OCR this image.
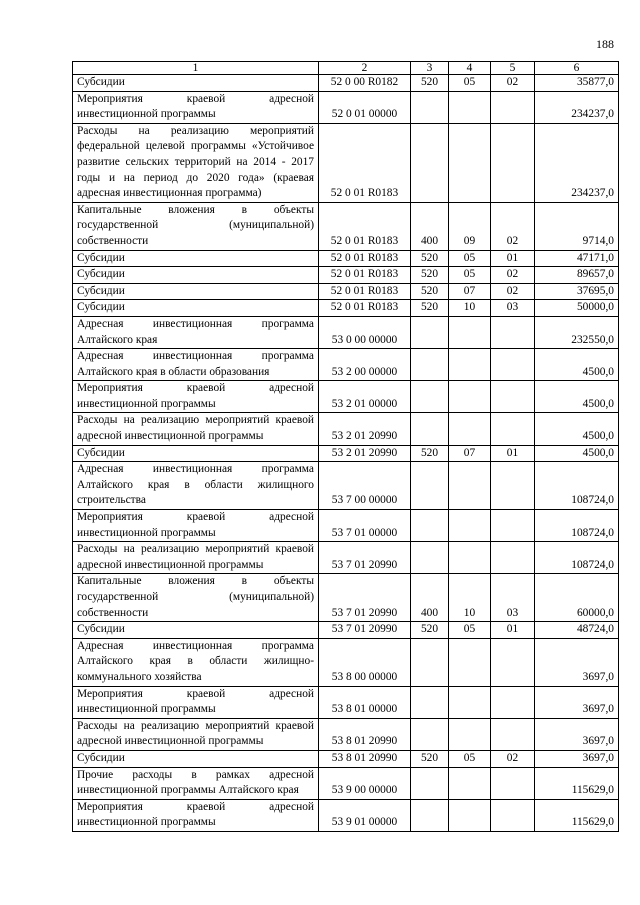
188
1	2	3	4	5	6
Субсидии	52 0 00 R0182	520	05	02	35877,0
Мероприятия краевой адресной инвестиционной программы	52 0 01 00000				234237,0
Расходы на реализацию мероприятий федеральной целевой программы «Устойчивое развитие сельских территорий на 2014 - 2017 годы и на период до 2020 года» (краевая адресная инвестиционная программа)	52 0 01 R0183				234237,0
Капитальные вложения в объекты государственной (муниципальной) собственности	52 0 01 R0183	400	09	02	9714,0
Субсидии	52 0 01 R0183	520	05	01	47171,0
Субсидии	52 0 01 R0183	520	05	02	89657,0
Субсидии	52 0 01 R0183	520	07	02	37695,0
Субсидии	52 0 01 R0183	520	10	03	50000,0
Адресная инвестиционная программа Алтайского края	53 0 00 00000				232550,0
Адресная инвестиционная программа Алтайского края в области образования	53 2 00 00000				4500,0
Мероприятия краевой адресной инвестиционной программы	53 2 01 00000				4500,0
Расходы на реализацию мероприятий краевой адресной инвестиционной программы	53 2 01 20990				4500,0
Субсидии	53 2 01 20990	520	07	01	4500,0
Адресная инвестиционная программа Алтайского края в области жилищного строительства	53 7 00 00000				108724,0
Мероприятия краевой адресной инвестиционной программы	53 7 01 00000				108724,0
Расходы на реализацию мероприятий краевой адресной инвестиционной программы	53 7 01 20990				108724,0
Капитальные вложения в объекты государственной (муниципальной) собственности	53 7 01 20990	400	10	03	60000,0
Субсидии	53 7 01 20990	520	05	01	48724,0
Адресная инвестиционная программа Алтайского края в области жилищно-коммунального хозяйства	53 8 00 00000				3697,0
Мероприятия краевой адресной инвестиционной программы	53 8 01 00000				3697,0
Расходы на реализацию мероприятий краевой адресной инвестиционной программы	53 8 01 20990				3697,0
Субсидии	53 8 01 20990	520	05	02	3697,0
Прочие расходы в рамках адресной инвестиционной программы Алтайского края	53 9 00 00000				115629,0
Мероприятия краевой адресной инвестиционной программы	53 9 01 00000				115629,0
